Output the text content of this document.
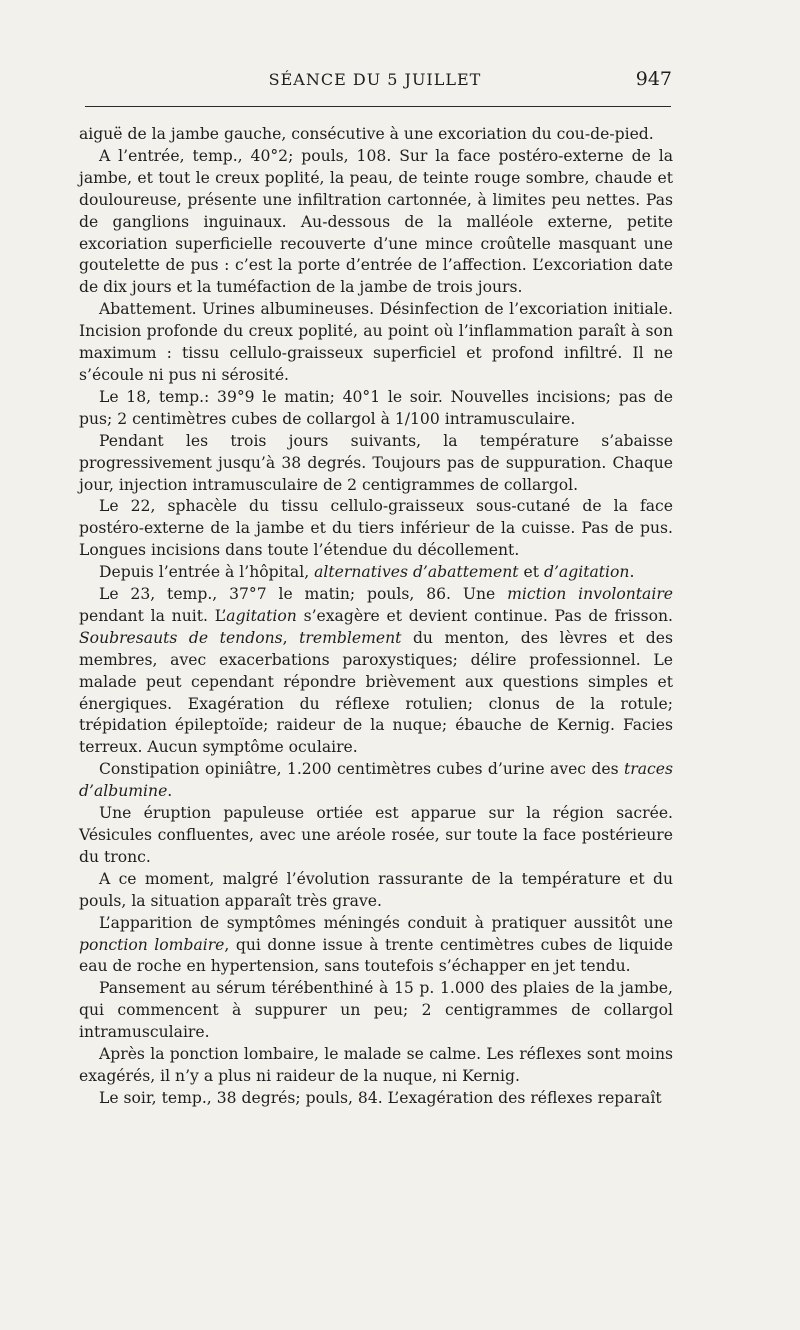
SÉANCE DU 5 JUILLET	947

aiguë de la jambe gauche, consécutive à une excoriation du cou-de-pied.

A l’entrée, temp., 40°2; pouls, 108. Sur la face postéro-externe de la jambe, et tout le creux poplité, la peau, de teinte rouge sombre, chaude et douloureuse, présente une infiltration cartonnée, à limites peu nettes. Pas de ganglions inguinaux. Au-dessous de la malléole externe, petite excoriation superficielle recouverte d’une mince croûtelle masquant une goutelette de pus : c’est la porte d’entrée de l’affection. L’excoriation date de dix jours et la tuméfaction de la jambe de trois jours.

Abattement. Urines albumineuses. Désinfection de l’excoriation initiale. Incision profonde du creux poplité, au point où l’inflammation paraît à son maximum : tissu cellulo-graisseux superficiel et profond infiltré. Il ne s’écoule ni pus ni sérosité.

Le 18, temp.: 39°9 le matin; 40°1 le soir. Nouvelles incisions; pas de pus; 2 centimètres cubes de collargol à 1/100 intramusculaire.

Pendant les trois jours suivants, la température s’abaisse progressivement jusqu’à 38 degrés. Toujours pas de suppuration. Chaque jour, injection intramusculaire de 2 centigrammes de collargol.

Le 22, sphacèle du tissu cellulo-graisseux sous-cutané de la face postéro-externe de la jambe et du tiers inférieur de la cuisse. Pas de pus. Longues incisions dans toute l’étendue du décollement.

Depuis l’entrée à l’hôpital, alternatives d’abattement et d’agitation.

Le 23, temp., 37°7 le matin; pouls, 86. Une miction involontaire pendant la nuit. L’agitation s’exagère et devient continue. Pas de frisson. Soubresauts de tendons, tremblement du menton, des lèvres et des membres, avec exacerbations paroxystiques; délire professionnel. Le malade peut cependant répondre brièvement aux questions simples et énergiques. Exagération du réflexe rotulien; clonus de la rotule; trépidation épileptoïde; raideur de la nuque; ébauche de Kernig. Facies terreux. Aucun symptôme oculaire.

Constipation opiniâtre, 1.200 centimètres cubes d’urine avec des traces d’albumine.

Une éruption papuleuse ortiée est apparue sur la région sacrée. Vésicules confluentes, avec une aréole rosée, sur toute la face postérieure du tronc.

A ce moment, malgré l’évolution rassurante de la température et du pouls, la situation apparaît très grave.

L’apparition de symptômes méningés conduit à pratiquer aussitôt une ponction lombaire, qui donne issue à trente centimètres cubes de liquide eau de roche en hypertension, sans toutefois s’échapper en jet tendu.

Pansement au sérum térébenthiné à 15 p. 1.000 des plaies de la jambe, qui commencent à suppurer un peu; 2 centigrammes de collargol intramusculaire.

Après la ponction lombaire, le malade se calme. Les réflexes sont moins exagérés, il n’y a plus ni raideur de la nuque, ni Kernig.

Le soir, temp., 38 degrés; pouls, 84. L’exagération des réflexes reparaît
